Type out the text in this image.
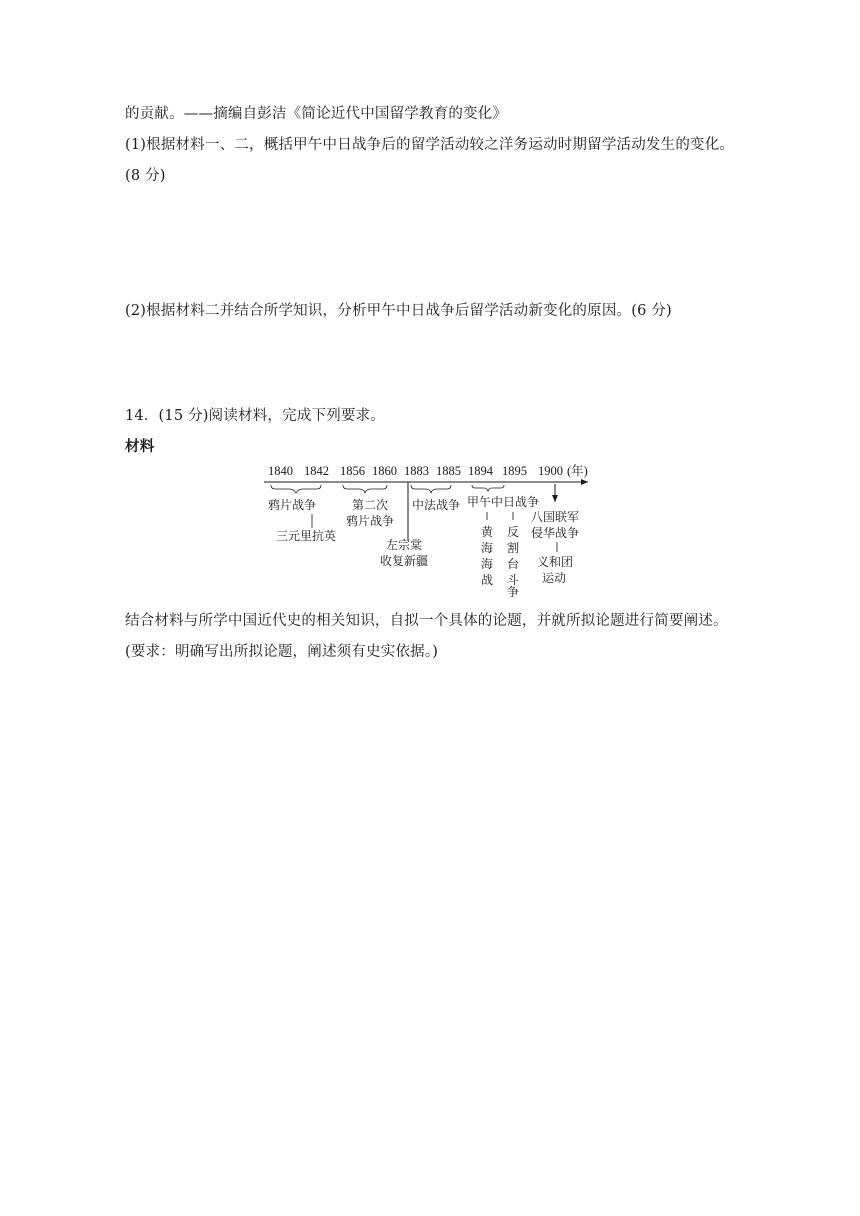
的贡献。——摘编自彭洁《简论近代中国留学教育的变化》
(1)根据材料一、二，概括甲午中日战争后的留学活动较之洋务运动时期留学活动发生的变化。
(8 分)
(2)根据材料二并结合所学知识，分析甲午中日战争后留学活动新变化的原因。(6 分)
14．(15 分)阅读材料，完成下列要求。
材料
1840 1842 1856 1860 1883 1885 1894 1895 1900 (年)
鸦片战争
三元里抗英
第二次
鸦片战争
左宗棠
收复新疆
中法战争 甲午中日战争
黄
海
海
战
反
割
台
斗
争
八国联军
侵华战争
义和团
运动
结合材料与所学中国近代史的相关知识，自拟一个具体的论题，并就所拟论题进行简要阐述。
(要求：明确写出所拟论题，阐述须有史实依据。)
